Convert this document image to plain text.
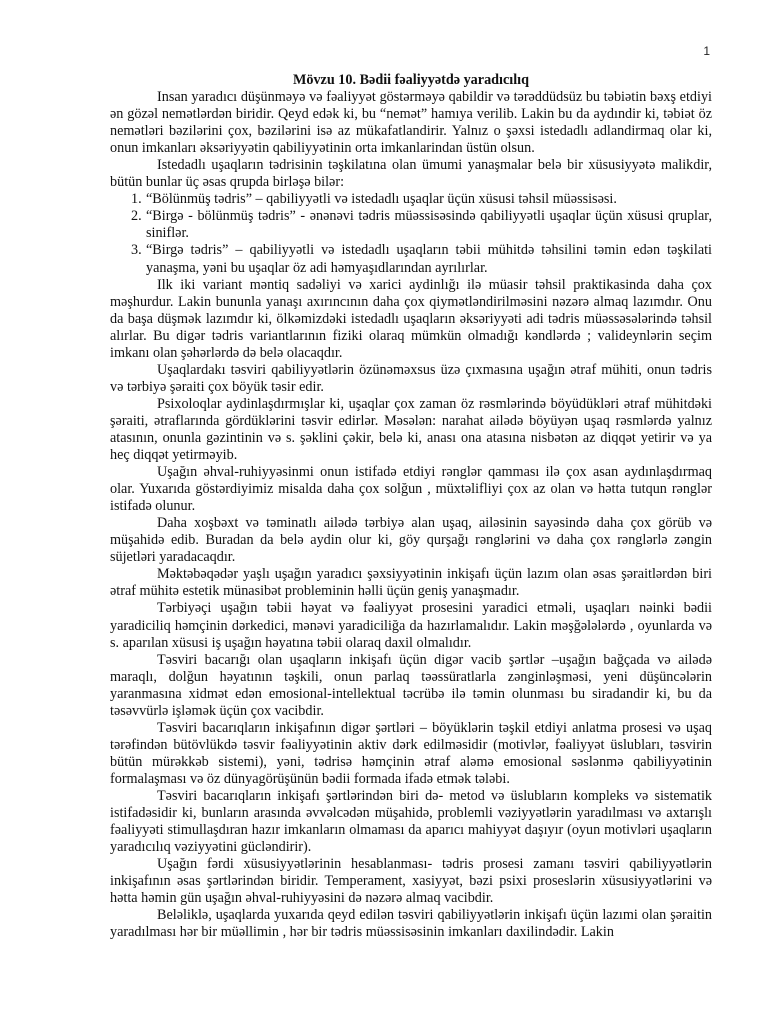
1

Mövzu 10. Bədii fəaliyyətdə yaradıcılıq

Insan yaradıcı düşünməyə və fəaliyyət göstərməyə qabildir və tərəddüdsüz bu təbiətin bəxş etdiyi ən gözəl nemətlərdən biridir. Qeyd edək ki, bu “nemət” hamıya verilib. Lakin bu da aydındir ki, təbiət öz nemətləri bəzilərini çox, bəzilərini isə az mükafatlandirir. Yalnız o şəxsi istedadlı adlandirmaq olar ki, onun imkanları əksəriyyətin qabiliyyətinin orta imkanlarindan üstün olsun.

Istedadlı uşaqların tədrisinin təşkilatına olan ümumi yanaşmalar belə bir xüsusiyyətə malikdir, bütün bunlar üç əsas qrupda birləşə bilər:

1. “Bölünmüş tədris” – qabiliyyətli və istedadlı uşaqlar üçün xüsusi təhsil müəssisəsi.
2. “Birgə - bölünmüş tədris” - ənənəvi tədris müəssisəsində qabiliyyətli uşaqlar üçün xüsusi qruplar, siniflər.
3. “Birgə tədris” – qabiliyyətli və istedadlı uşaqların təbii mühitdə təhsilini təmin edən təşkilati yanaşma, yəni bu uşaqlar öz adi həmyaşıdlarından ayrılırlar.

Ilk iki variant məntiq sadəliyi və xarici aydinlığı ilə müasir təhsil praktikasinda daha çox məşhurdur. Lakin bununla yanaşı axırıncının daha çox qiymətləndirilməsini nəzərə almaq lazımdır. Onu da başa düşmək lazımdır ki, ölkəmizdəki istedadlı uşaqların əksəriyyəti adi tədris müəssəsələrində təhsil alırlar. Bu digər tədris variantlarının fiziki olaraq mümkün olmadığı kəndlərdə ; valideynlərin seçim imkanı olan şəhərlərdə də belə olacaqdır.

Uşaqlardakı təsviri qabiliyyətlərin özünəməxsus üzə çıxmasına uşağın ətraf mühiti, onun tədris və tərbiyə şəraiti çox böyük təsir edir.

Psixoloqlar aydinlaşdırmışlar ki, uşaqlar çox zaman öz rəsmlərində böyüdükləri ətraf mühitdəki şəraiti, ətraflarında gördüklərini təsvir edirlər. Məsələn: narahat ailədə böyüyən uşaq rəsmlərdə yalnız atasının, onunla gəzintinin və s. şəklini çəkir, belə ki, anası ona atasına nisbətən az diqqət yetirir və ya heç diqqət yetirməyib.

Uşağın əhval-ruhiyyəsinmi onun istifadə etdiyi rənglər qamması ilə çox asan aydınlaşdırmaq olar. Yuxarıda göstərdiyimiz misalda daha çox solğun , müxtəlifliyi çox az olan və hətta tutqun rənglər istifadə olunur.

Daha xoşbəxt və təminatlı ailədə tərbiyə alan uşaq, ailəsinin sayəsində daha çox görüb və müşahidə edib. Buradan da belə aydin olur ki, göy qurşağı rənglərini və daha çox rənglərlə zəngin süjetləri yaradacaqdır.

Məktəbəqədər yaşlı uşağın yaradıcı şəxsiyyətinin inkişafı üçün lazım olan əsas şəraitlərdən biri ətraf mühitə estetik münasibət probleminin həlli üçün geniş yanaşmadır.

Tərbiyəçi uşağın təbii həyat və fəaliyyət prosesini yaradici etməli, uşaqları nəinki bədii yaradiciliq həmçinin dərkedici, mənəvi yaradiciliğa da hazırlamalıdır. Lakin məşğələlərdə , oyunlarda və s. aparılan xüsusi iş uşağın həyatına təbii olaraq daxil olmalıdır.

Təsviri bacarığı olan uşaqların inkişafı üçün digər vacib şərtlər –uşağın bağçada və ailədə maraqlı, dolğun həyatının təşkili, onun parlaq təəssüratlarla zənginləşməsi, yeni düşüncələrin yaranmasına xidmət edən emosional-intellektual təcrübə ilə təmin olunması bu siradandir ki, bu da təsəvvürlə işləmək üçün çox vacibdir.

Təsviri bacarıqların inkişafının digər şərtləri – böyüklərin təşkil etdiyi anlatma prosesi və uşaq tərəfindən bütövlükdə təsvir fəaliyyətinin aktiv dərk edilməsidir (motivlər, fəaliyyət üslubları, təsvirin bütün mürəkkəb sistemi), yəni, tədrisə həmçinin ətraf aləmə emosional səslənmə qabiliyyətinin formalaşması və öz dünyagörüşünün bədii formada ifadə etmək tələbi.

Təsviri bacarıqların inkişafı şərtlərindən biri də- metod və üslubların kompleks və sistematik istifadəsidir ki, bunların arasında əvvəlcədən müşahidə, problemli vəziyyətlərin yaradılması və axtarışlı fəaliyyəti stimullaşdıran hazır imkanların olmaması da aparıcı mahiyyət daşıyır (oyun motivləri uşaqların yaradıcılıq vəziyyətini gücləndirir).

Uşağın fərdi xüsusiyyətlərinin hesablanması- tədris prosesi zamanı təsviri qabiliyyətlərin inkişafının əsas şərtlərindən biridir. Temperament, xasiyyət, bəzi psixi proseslərin xüsusiyyətlərini və hətta həmin gün uşağın əhval-ruhiyyəsini də nəzərə almaq vacibdir.

Beləliklə, uşaqlarda yuxarıda qeyd edilən təsviri qabiliyyətlərin inkişafı üçün lazımi olan şəraitin yaradılması hər bir müəllimin , hər bir tədris müəssisəsinin imkanları daxilindədir. Lakin
